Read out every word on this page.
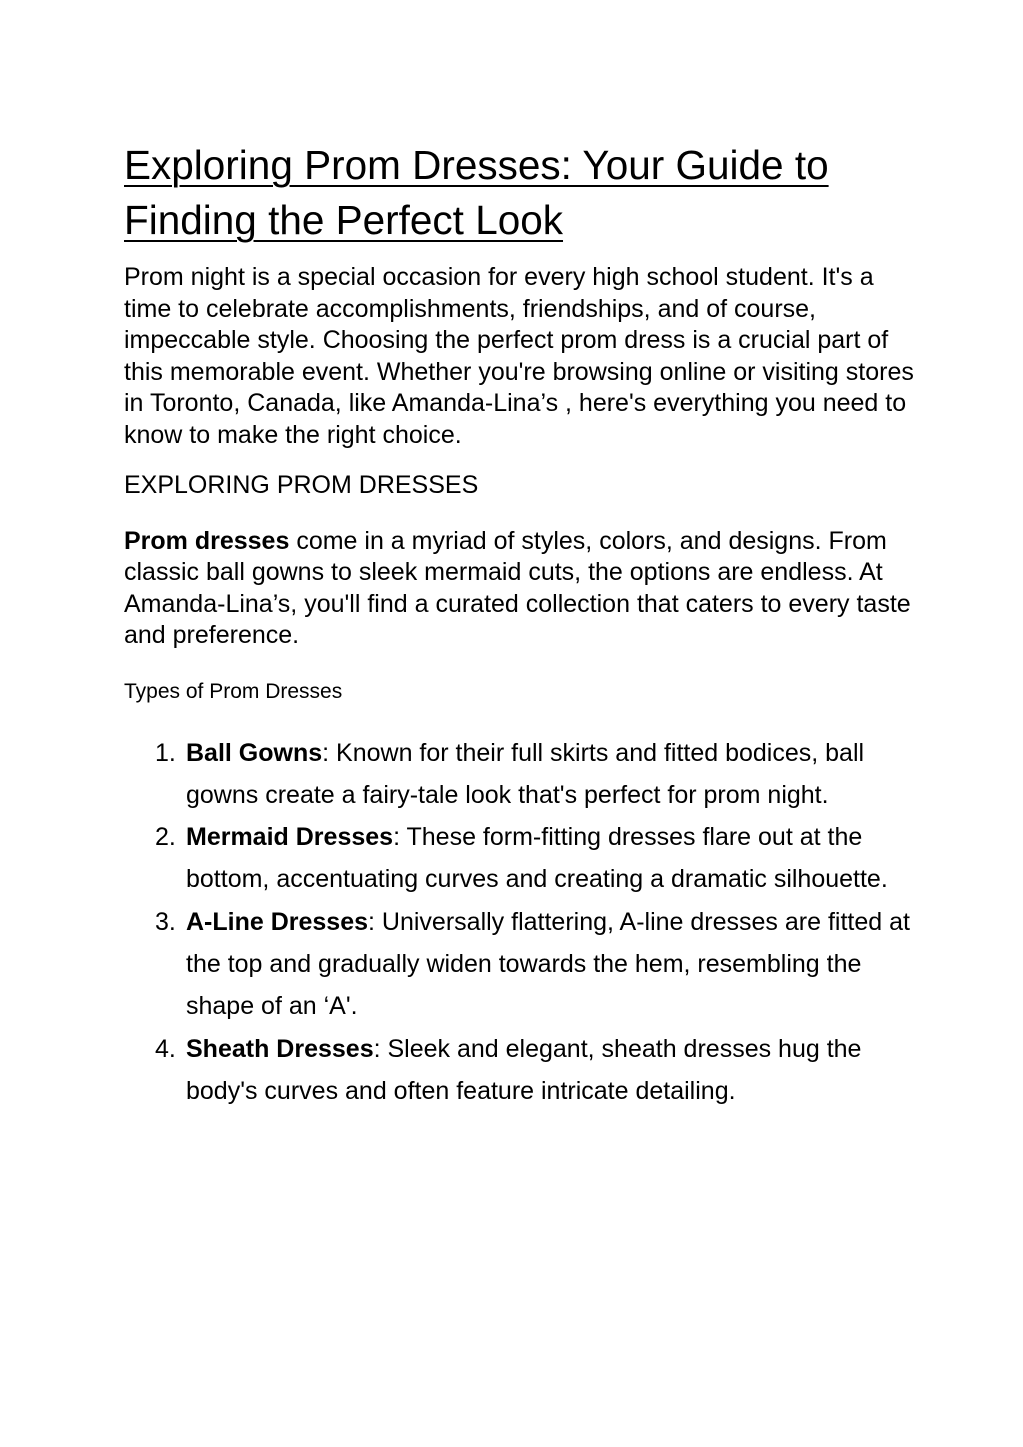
Exploring Prom Dresses: Your Guide to Finding the Perfect Look

Prom night is a special occasion for every high school student. It's a time to celebrate accomplishments, friendships, and of course, impeccable style. Choosing the perfect prom dress is a crucial part of this memorable event. Whether you're browsing online or visiting stores in Toronto, Canada, like Amanda-Lina’s , here's everything you need to know to make the right choice.

EXPLORING PROM DRESSES

Prom dresses come in a myriad of styles, colors, and designs. From classic ball gowns to sleek mermaid cuts, the options are endless. At Amanda-Lina’s, you'll find a curated collection that caters to every taste and preference.

Types of Prom Dresses
1. Ball Gowns: Known for their full skirts and fitted bodices, ball gowns create a fairy-tale look that's perfect for prom night.
2. Mermaid Dresses: These form-fitting dresses flare out at the bottom, accentuating curves and creating a dramatic silhouette.
3. A-Line Dresses: Universally flattering, A-line dresses are fitted at the top and gradually widen towards the hem, resembling the shape of an ‘A'.
4. Sheath Dresses: Sleek and elegant, sheath dresses hug the body's curves and often feature intricate detailing.
